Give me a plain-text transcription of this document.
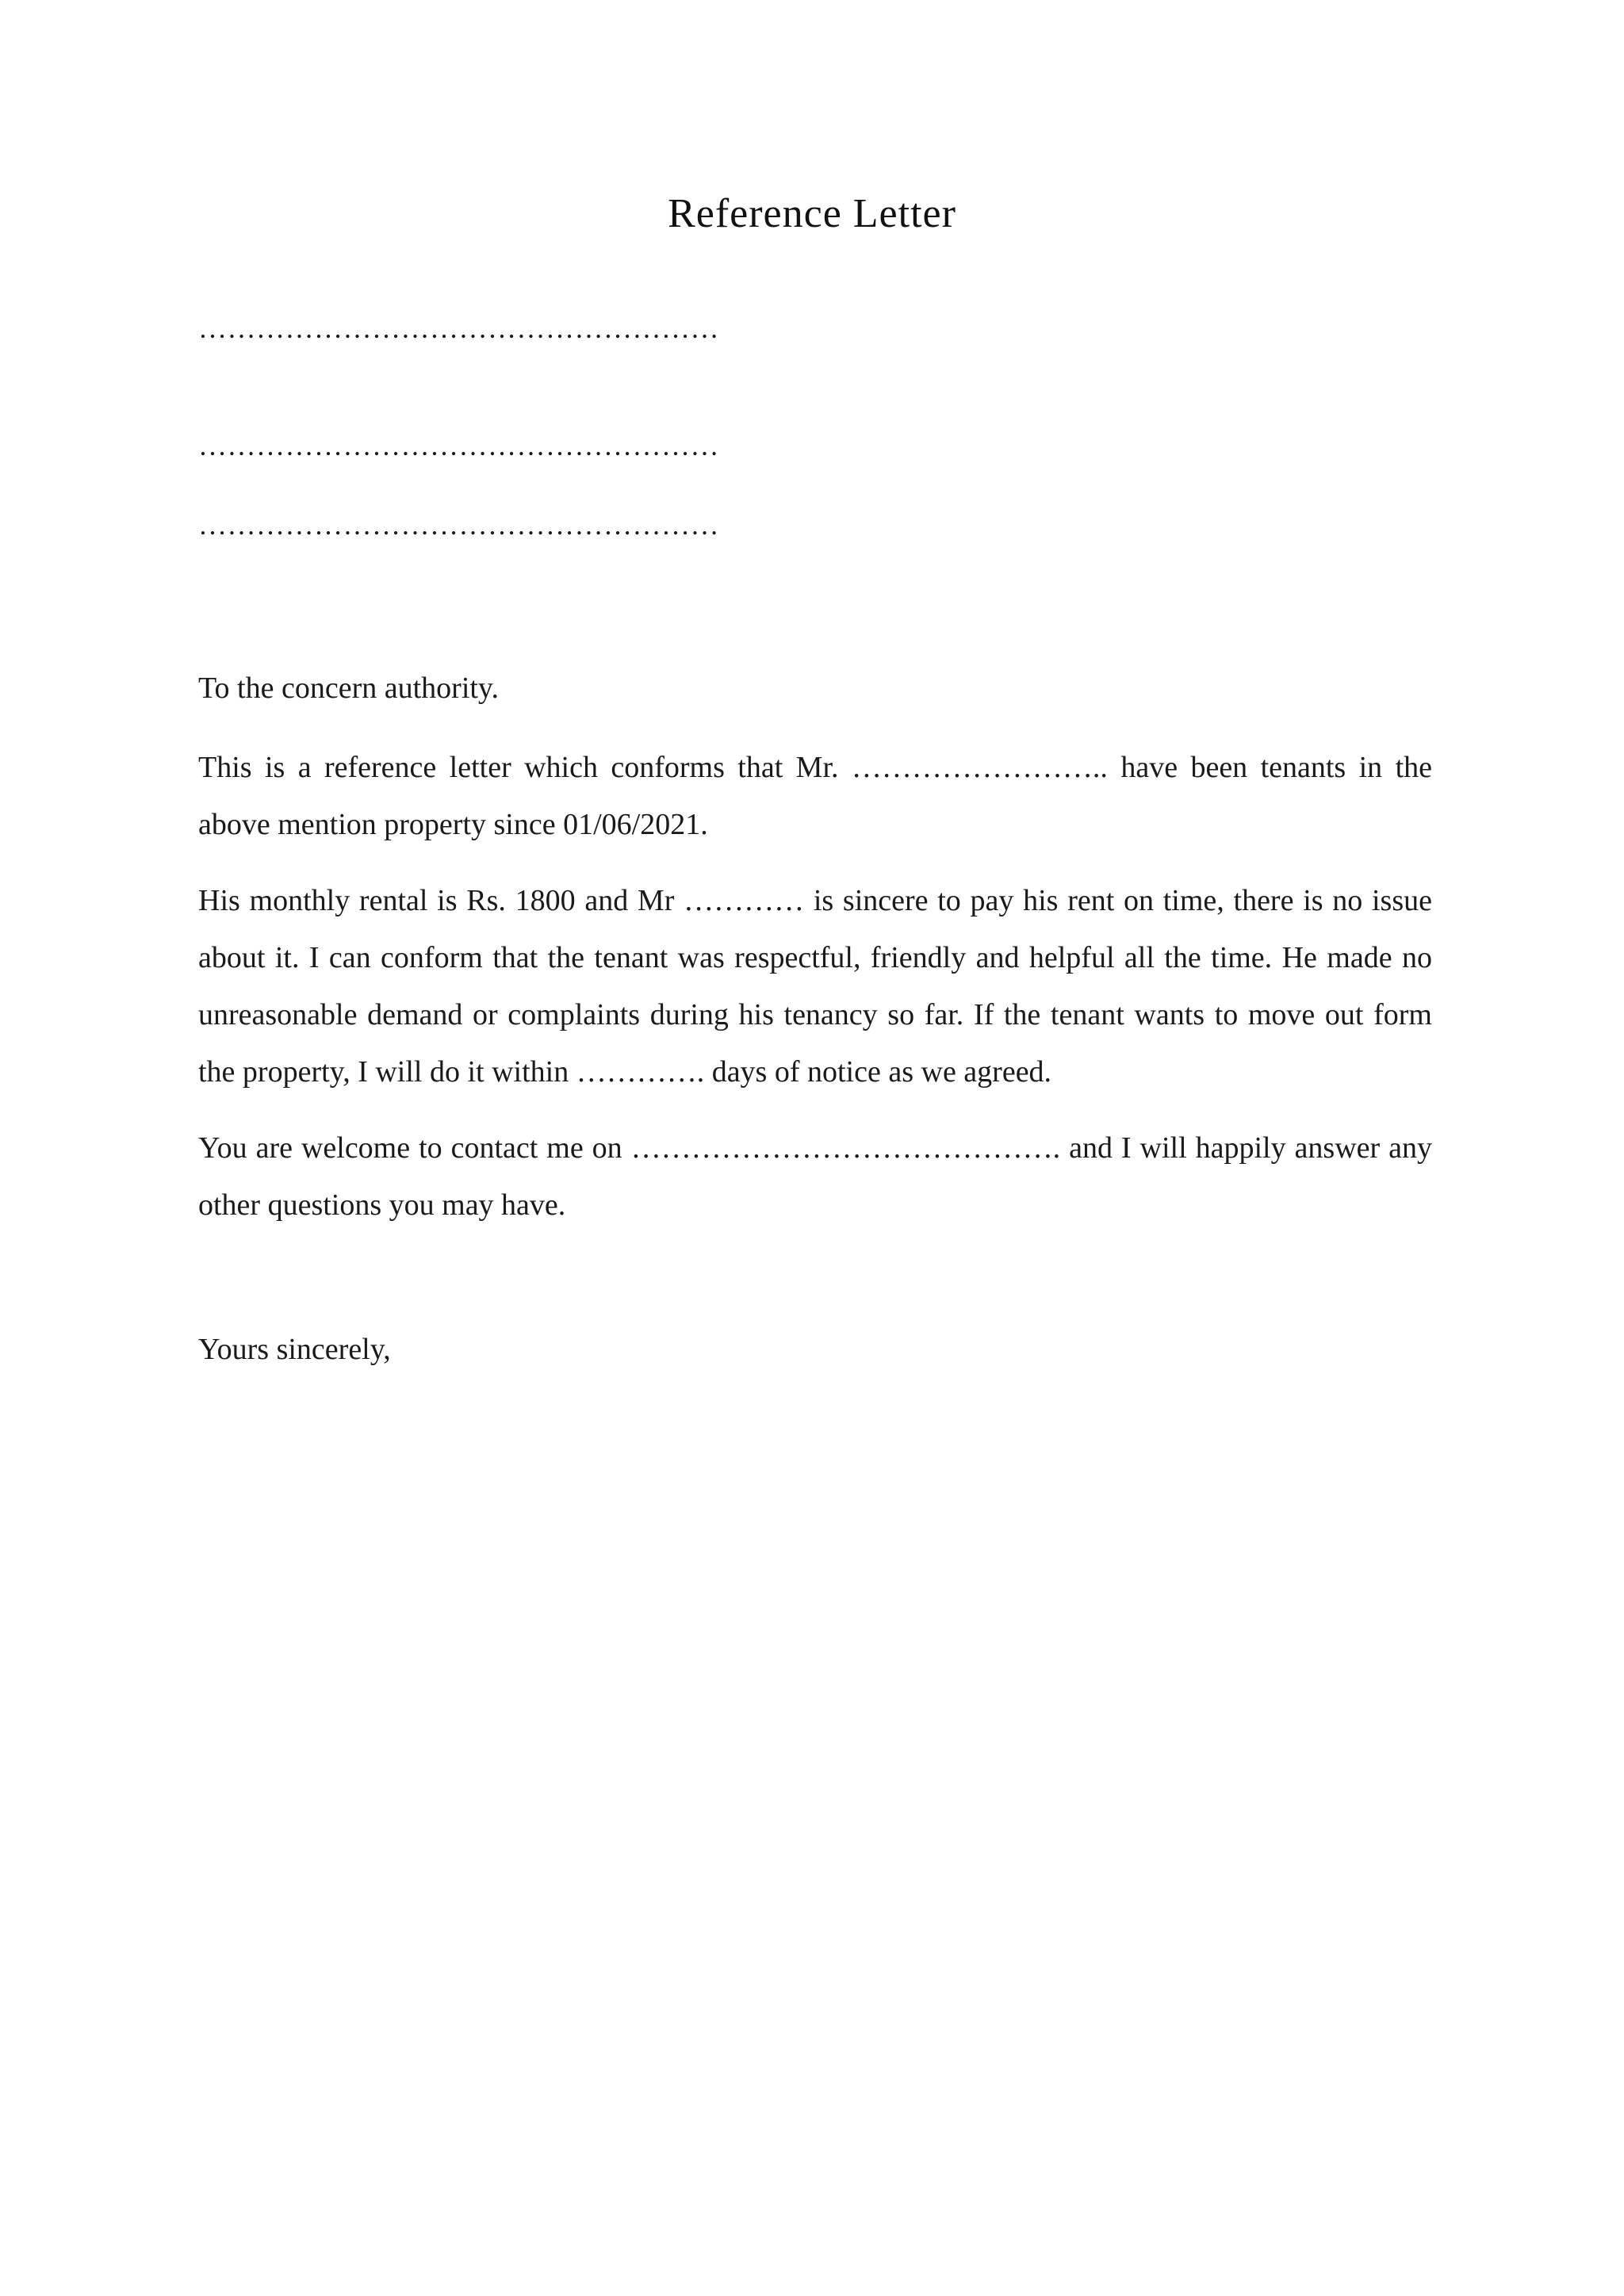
Reference Letter
………………………………………………
………………………………………………
………………………………………………

To the concern authority.

This is a reference letter which conforms that Mr. …………………….. have been tenants in the above mention property since 01/06/2021.

His monthly rental is Rs. 1800 and Mr ………… is sincere to pay his rent on time, there is no issue about it. I can conform that the tenant was respectful, friendly and helpful all the time. He made no unreasonable demand or complaints during his tenancy so far. If the tenant wants to move out form the property, I will do it within …………. days of notice as we agreed.

You are welcome to contact me on ……………………………………. and I will happily answer any other questions you may have.

Yours sincerely,
